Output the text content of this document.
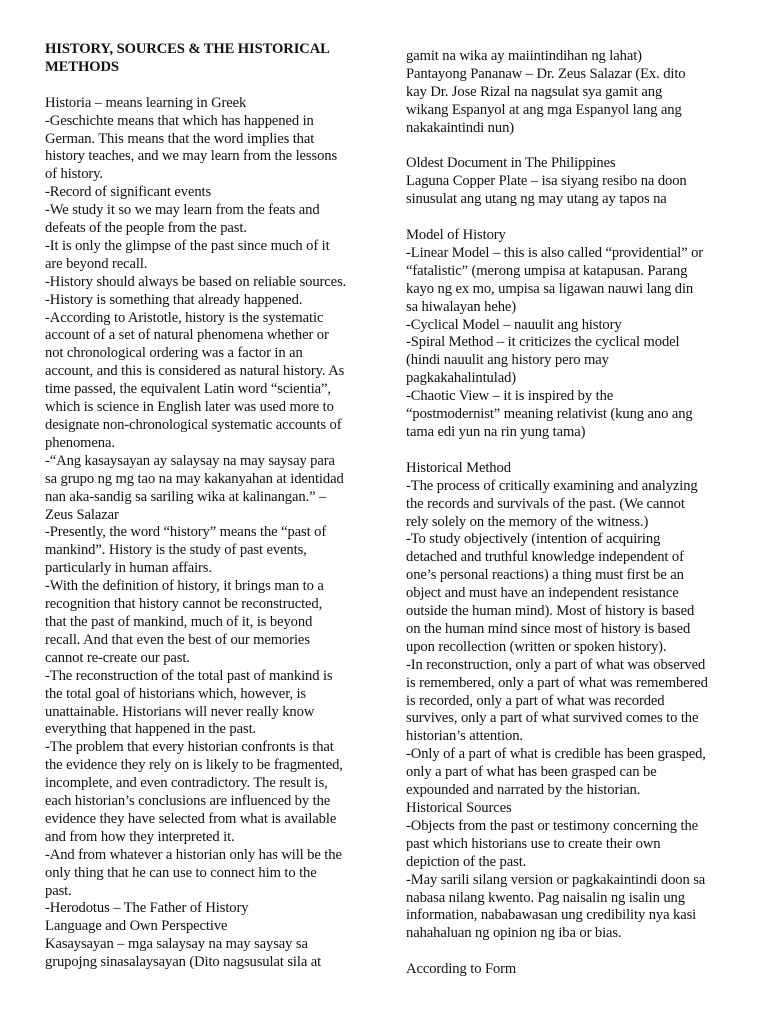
HISTORY, SOURCES & THE HISTORICAL
METHODS
Historia – means learning in Greek
-Geschichte means that which has happened in
German. This means that the word implies that
history teaches, and we may learn from the lessons
of history.
-Record of significant events
-We study it so we may learn from the feats and
defeats of the people from the past.
-It is only the glimpse of the past since much of it
are beyond recall.
-History should always be based on reliable sources.
-History is something that already happened.
-According to Aristotle, history is the systematic
account of a set of natural phenomena whether or
not chronological ordering was a factor in an
account, and this is considered as natural history. As
time passed, the equivalent Latin word “scientia”,
which is science in English later was used more to
designate non-chronological systematic accounts of
phenomena.
-“Ang kasaysayan ay salaysay na may saysay para
sa grupo ng mg tao na may kakanyahan at identidad
nan aka-sandig sa sariling wika at kalinangan.” –
Zeus Salazar
-Presently, the word “history” means the “past of
mankind”. History is the study of past events,
particularly in human affairs.
-With the definition of history, it brings man to a
recognition that history cannot be reconstructed,
that the past of mankind, much of it, is beyond
recall. And that even the best of our memories
cannot re-create our past.
-The reconstruction of the total past of mankind is
the total goal of historians which, however, is
unattainable. Historians will never really know
everything that happened in the past.
-The problem that every historian confronts is that
the evidence they rely on is likely to be fragmented,
incomplete, and even contradictory. The result is,
each historian’s conclusions are influenced by the
evidence they have selected from what is available
and from how they interpreted it.
-And from whatever a historian only has will be the
only thing that he can use to connect him to the
past.
-Herodotus – The Father of History
Language and Own Perspective
Kasaysayan – mga salaysay na may saysay sa
grupojng sinasalaysayan (Dito nagsusulat sila at
gamit na wika ay maiintindihan ng lahat)
Pantayong Pananaw – Dr. Zeus Salazar (Ex. dito
kay Dr. Jose Rizal na nagsulat sya gamit ang
wikang Espanyol at ang mga Espanyol lang ang
nakakaintindi nun)
Oldest Document in The Philippines
Laguna Copper Plate – isa siyang resibo na doon
sinusulat ang utang ng may utang ay tapos na
Model of History
-Linear Model – this is also called “providential” or
“fatalistic” (merong umpisa at katapusan. Parang
kayo ng ex mo, umpisa sa ligawan nauwi lang din
sa hiwalayan hehe)
-Cyclical Model – nauulit ang history
-Spiral Method – it criticizes the cyclical model
(hindi nauulit ang history pero may
pagkakahalintulad)
-Chaotic View – it is inspired by the
“postmodernist” meaning relativist (kung ano ang
tama edi yun na rin yung tama)
Historical Method
-The process of critically examining and analyzing
the records and survivals of the past. (We cannot
rely solely on the memory of the witness.)
-To study objectively (intention of acquiring
detached and truthful knowledge independent of
one’s personal reactions) a thing must first be an
object and must have an independent resistance
outside the human mind). Most of history is based
on the human mind since most of history is based
upon recollection (written or spoken history).
-In reconstruction, only a part of what was observed
is remembered, only a part of what was remembered
is recorded, only a part of what was recorded
survives, only a part of what survived comes to the
historian’s attention.
-Only of a part of what is credible has been grasped,
only a part of what has been grasped can be
expounded and narrated by the historian.
Historical Sources
-Objects from the past or testimony concerning the
past which historians use to create their own
depiction of the past.
-May sarili silang version or pagkakaintindi doon sa
nabasa nilang kwento. Pag naisalin ng isalin ung
information, nababawasan ung credibility nya kasi
nahahaluan ng opinion ng iba or bias.
According to Form
